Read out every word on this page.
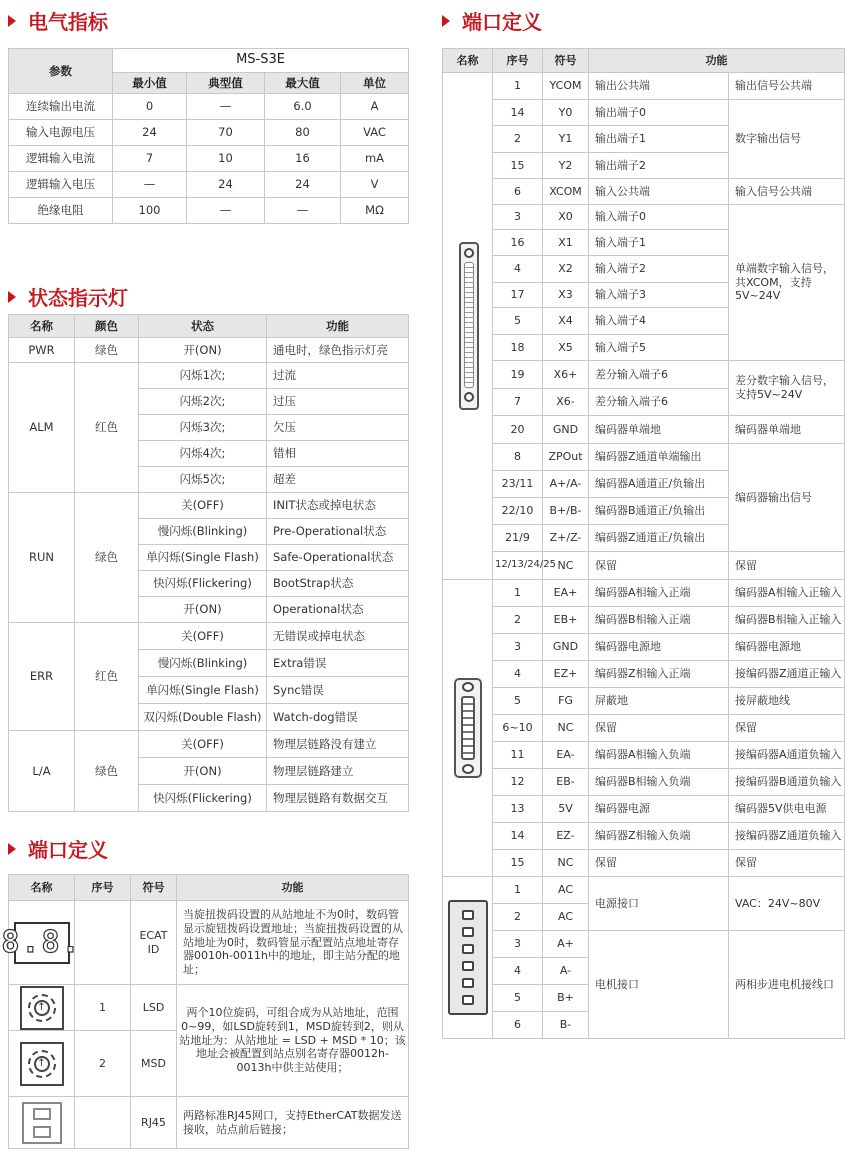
电气指标
参数	MS-S3E			
	最小值	典型值	最大值	单位
连续输出电流	0	—	6.0	A
输入电源电压	24	70	80	VAC
逻辑输入电流	7	10	16	mA
逻辑输入电压	—	24	24	V
绝缘电阻	100	—	—	MΩ
状态指示灯
名称	颜色	状态	功能
PWR	绿色	开(ON)	通电时，绿色指示灯亮
ALM	红色	闪烁1次;	过流
		闪烁2次;	过压
		闪烁3次;	欠压
		闪烁4次;	错相
		闪烁5次;	超差
RUN	绿色	关(OFF)	INIT状态或掉电状态
		慢闪烁(Blinking)	Pre-Operational状态
		单闪烁(Single Flash)	Safe-Operational状态
		快闪烁(Flickering)	BootStrap状态
		开(ON)	Operational状态
ERR	红色	关(OFF)	无错误或掉电状态
		慢闪烁(Blinking)	Extra错误
		单闪烁(Single Flash)	Sync错误
		双闪烁(Double Flash)	Watch-dog错误
L/A	绿色	关(OFF)	物理层链路没有建立
		开(ON)	物理层链路建立
		快闪烁(Flickering)	物理层链路有数据交互
端口定义
名称	序号	符号	功能

8.8.		ECAT ID	当旋扭拨码设置的从站地址不为0时，数码管显示旋钮拨码设置地址；当旋扭拨码设置的从站地址为0时，数码管显示配置站点地址寄存器0010h-0011h中的地址，即主站分配的地址；

↑	1	LSD	两个10位旋码，可组合成为从站地址，范围0~99，如LSD旋转到1，MSD旋转到2，则从站地址为：从站地址 = LSD + MSD * 10；该地址会被配置到站点别名寄存器0012h-0013h中供主站使用；

↑	2	MSD	

		RJ45	两路标准RJ45网口，支持EtherCAT数据发送接收，站点前后链接；
端口定义
名称	序号	符号	功能	

	1	YCOM	输出公共端	输出信号公共端
	14	Y0	输出端子0	数字输出信号
	2	Y1	输出端子1	
	15	Y2	输出端子2	
	6	XCOM	输入公共端	输入信号公共端
	3	X0	输入端子0	单端数字输入信号，共XCOM，支持5V~24V
	16	X1	输入端子1	
	4	X2	输入端子2	
	17	X3	输入端子3	
	5	X4	输入端子4	
	18	X5	输入端子5	
	19	X6+	差分输入端子6	差分数字输入信号，支持5V~24V
	7	X6-	差分输入端子6	
	20	GND	编码器单端地	编码器单端地
	8	ZPOut	编码器Z通道单端输出	编码器输出信号
	23/11	A+/A-	编码器A通道正/负输出	
	22/10	B+/B-	编码器B通道正/负输出	
	21/9	Z+/Z-	编码器Z通道正/负输出	
	12/13/24/25	NC	保留	保留

	1	EA+	编码器A相输入正端	编码器A相输入正输入
	2	EB+	编码器B相输入正端	编码器B相输入正输入
	3	GND	编码器电源地	编码器电源地
	4	EZ+	编码器Z相输入正端	接编码器Z通道正输入
	5	FG	屏蔽地	接屏蔽地线
	6~10	NC	保留	保留
	11	EA-	编码器A相输入负端	接编码器A通道负输入
	12	EB-	编码器B相输入负端	接编码器B通道负输入
	13	5V	编码器电源	编码器5V供电电源
	14	EZ-	编码器Z相输入负端	接编码器Z通道负输入
	15	NC	保留	保留

	1	AC	电源接口	VAC：24V~80V
	2	AC		
	3	A+	电机接口	两相步进电机接线口
	4	A-		
	5	B+		
	6	B-		
